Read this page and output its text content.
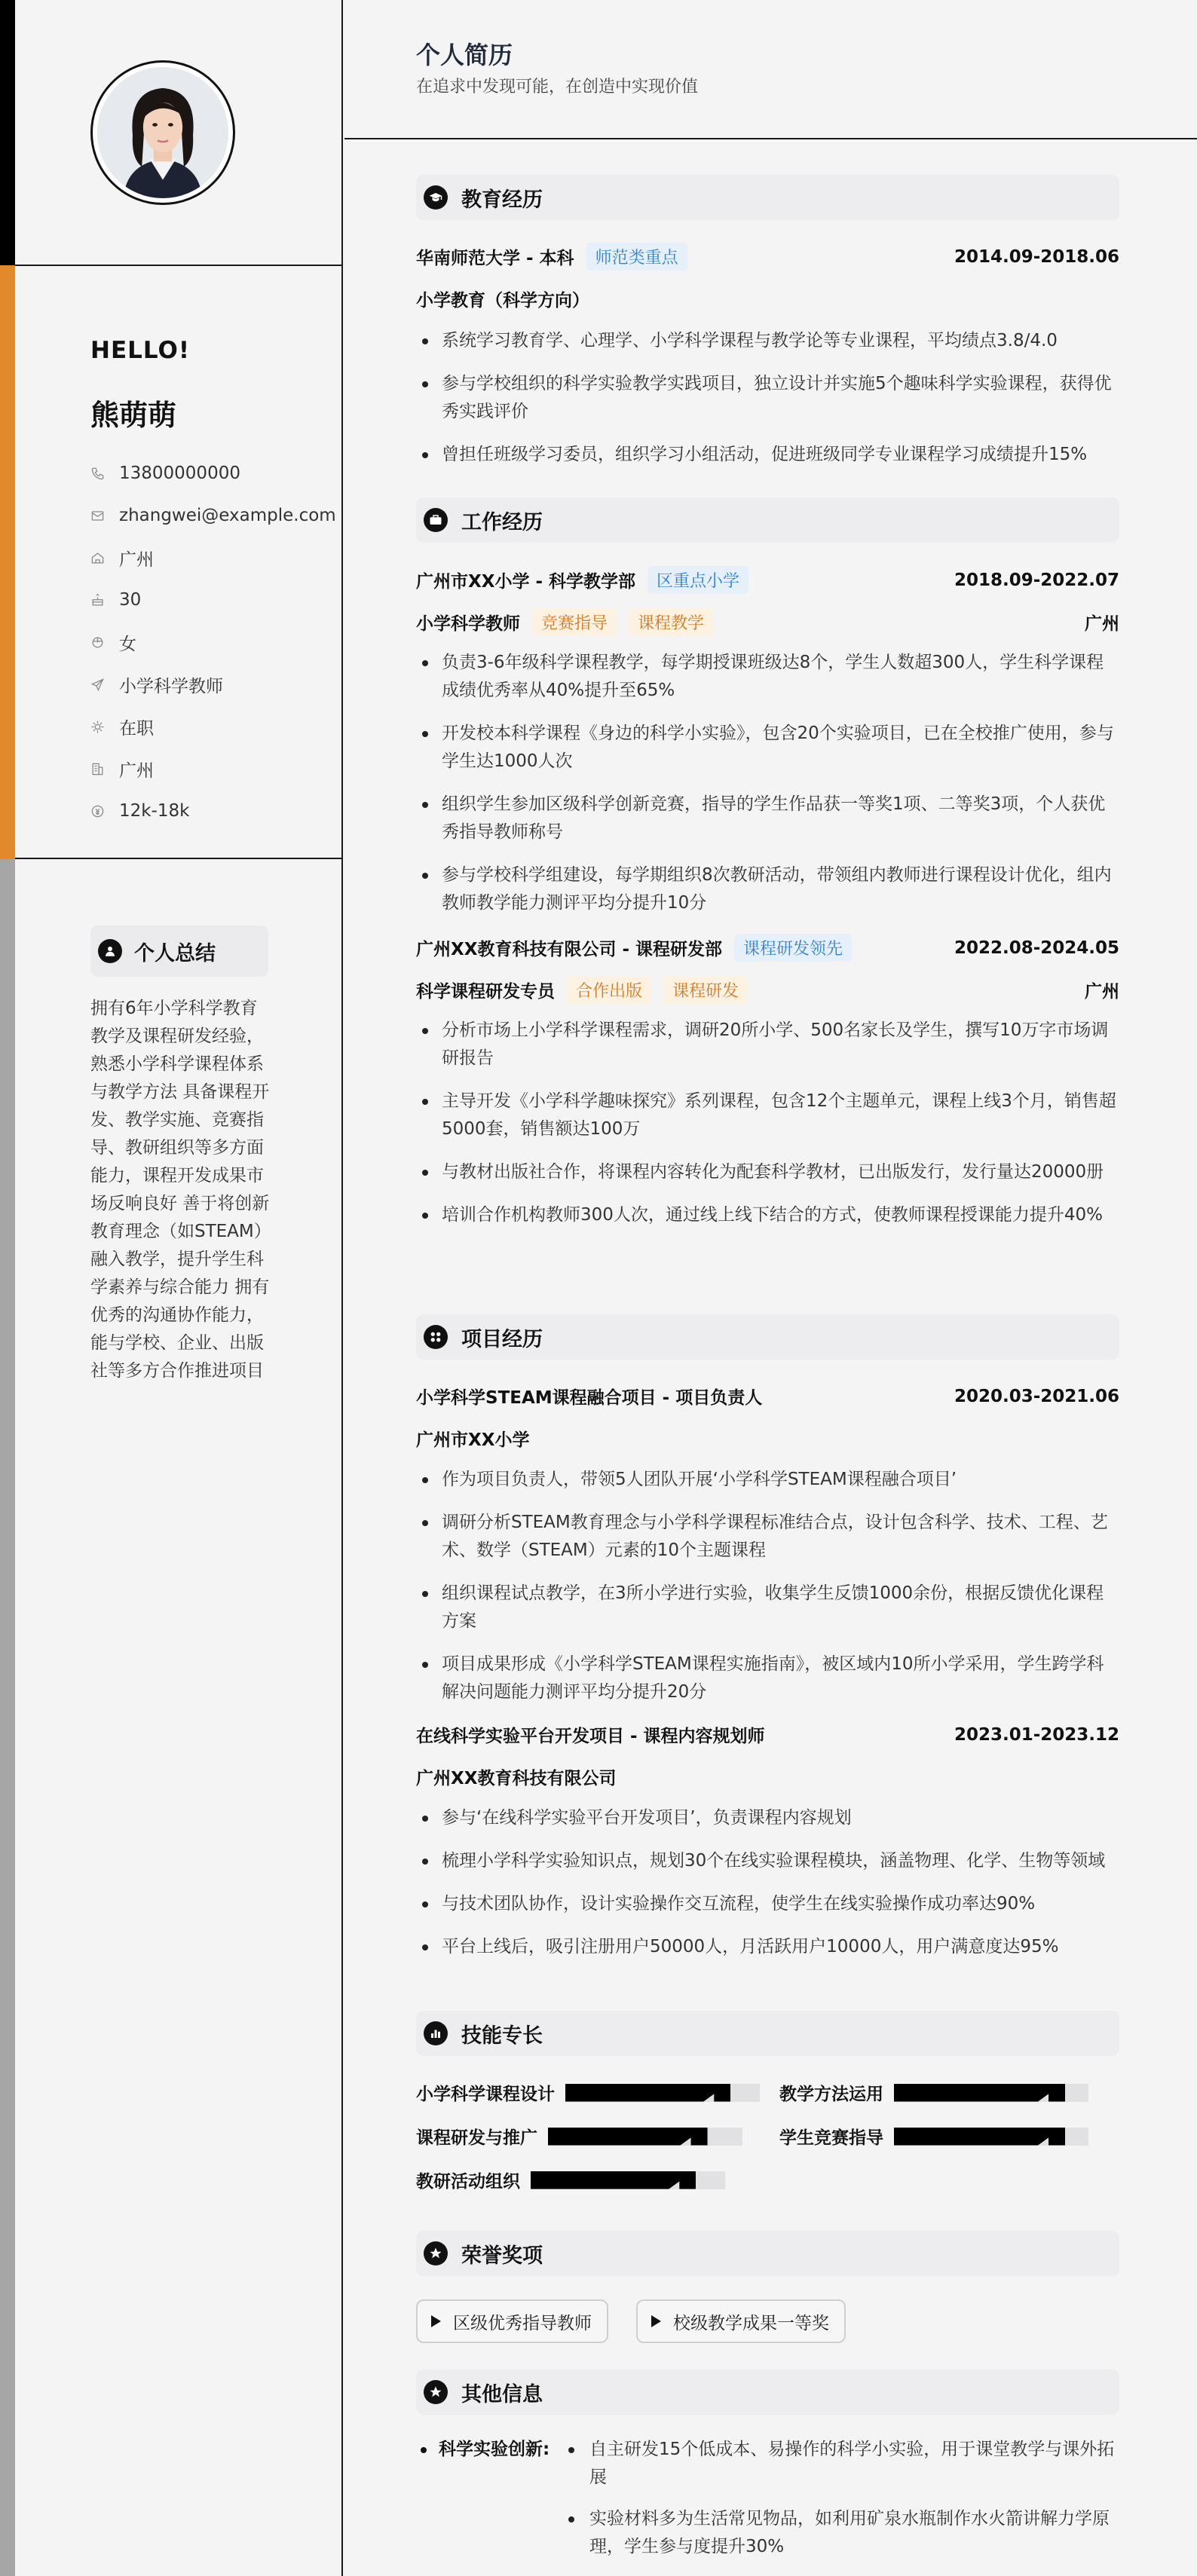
HELLO!
熊萌萌
13800000000
zhangwei@example.com
广州
30
女
小学科学教师
在职
广州
12k-18k
个人总结
拥有6年小学科学教育教学及课程研发经验，熟悉小学科学课程体系与教学方法 具备课程开发、教学实施、竞赛指导、教研组织等多方面能力，课程开发成果市场反响良好 善于将创新教育理念（如STEAM）融入教学，提升学生科学素养与综合能力 拥有优秀的沟通协作能力，能与学校、企业、出版社等多方合作推进项目
个人简历
在追求中发现可能，在创造中实现价值
教育经历
华南师范大学 - 本科	师范类重点	2014.09-2018.06
小学教育（科学方向）
系统学习教育学、心理学、小学科学课程与教学论等专业课程，平均绩点3.8/4.0
参与学校组织的科学实验教学实践项目，独立设计并实施5个趣味科学实验课程，获得优秀实践评价
曾担任班级学习委员，组织学习小组活动，促进班级同学专业课程学习成绩提升15%
工作经历
广州市XX小学 - 科学教学部	区重点小学	2018.09-2022.07
小学科学教师	竞赛指导	课程教学	广州
负责3-6年级科学课程教学，每学期授课班级达8个，学生人数超300人，学生科学课程成绩优秀率从40%提升至65%
开发校本科学课程《身边的科学小实验》，包含20个实验项目，已在全校推广使用，参与学生达1000人次
组织学生参加区级科学创新竞赛，指导的学生作品获一等奖1项、二等奖3项，个人获优秀指导教师称号
参与学校科学组建设，每学期组织8次教研活动，带领组内教师进行课程设计优化，组内教师教学能力测评平均分提升10分
广州XX教育科技有限公司 - 课程研发部	课程研发领先	2022.08-2024.05
科学课程研发专员	合作出版	课程研发	广州
分析市场上小学科学课程需求，调研20所小学、500名家长及学生，撰写10万字市场调研报告
主导开发《小学科学趣味探究》系列课程，包含12个主题单元，课程上线3个月，销售超5000套，销售额达100万
与教材出版社合作，将课程内容转化为配套科学教材，已出版发行，发行量达20000册
培训合作机构教师300人次，通过线上线下结合的方式，使教师课程授课能力提升40%
项目经历
小学科学STEAM课程融合项目 - 项目负责人	2020.03-2021.06
广州市XX小学
作为项目负责人，带领5人团队开展‘小学科学STEAM课程融合项目’
调研分析STEAM教育理念与小学科学课程标准结合点，设计包含科学、技术、工程、艺术、数学（STEAM）元素的10个主题课程
组织课程试点教学，在3所小学进行实验，收集学生反馈1000余份，根据反馈优化课程方案
项目成果形成《小学科学STEAM课程实施指南》，被区域内10所小学采用，学生跨学科解决问题能力测评平均分提升20分
在线科学实验平台开发项目 - 课程内容规划师	2023.01-2023.12
广州XX教育科技有限公司
参与‘在线科学实验平台开发项目’，负责课程内容规划
梳理小学科学实验知识点，规划30个在线实验课程模块，涵盖物理、化学、生物等领域
与技术团队协作，设计实验操作交互流程，使学生在线实验操作成功率达90%
平台上线后，吸引注册用户50000人，月活跃用户10000人，用户满意度达95%
技能专长
小学科学课程设计	教学方法运用
课程研发与推广	学生竞赛指导
教研活动组织
荣誉奖项
区级优秀指导教师	校级教学成果一等奖
其他信息
科学实验创新:	自主研发15个低成本、易操作的科学小实验，用于课堂教学与课外拓展
实验材料多为生活常见物品，如利用矿泉水瓶制作水火箭讲解力学原理，学生参与度提升30%
